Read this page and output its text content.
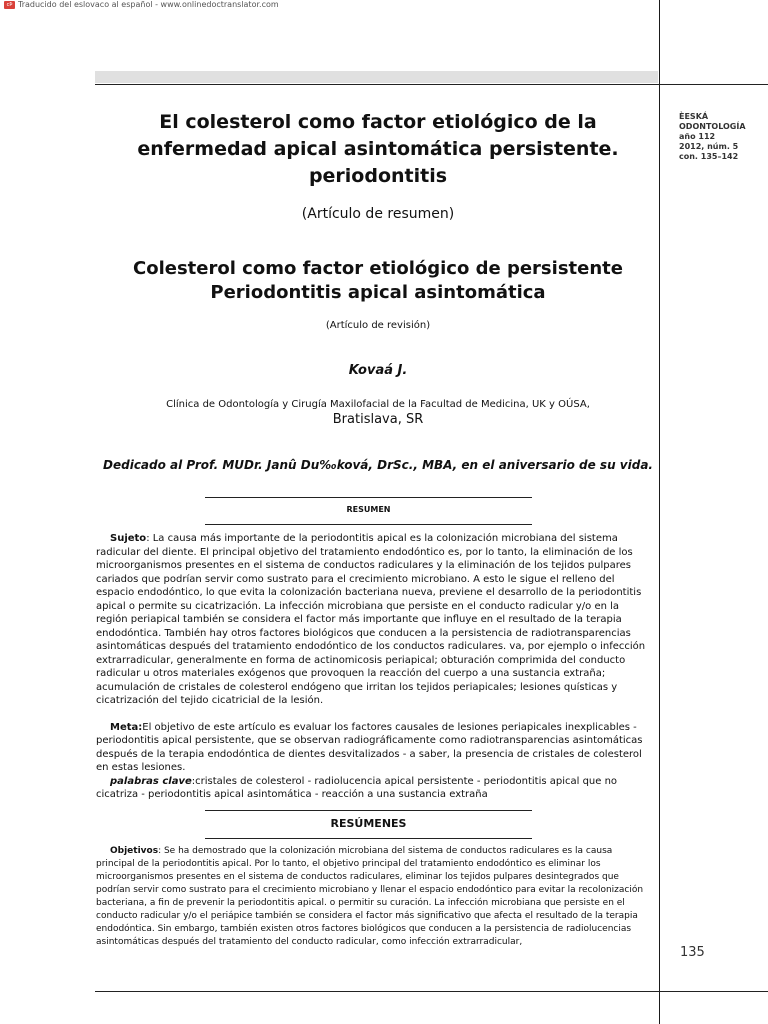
cÞ Traducido del eslovaco al español - www.onlinedoctranslator.com
ÈESKÁ
ODONTOLOGÍA
año 112
2012, núm. 5
con. 135–142
El colesterol como factor etiológico de la
enfermedad apical asintomática persistente.
periodontitis
(Artículo de resumen)
Colesterol como factor etiológico de persistente
Periodontitis apical asintomática
(Artículo de revisión)
Kovaá J.
Clínica de Odontología y Cirugía Maxilofacial de la Facultad de Medicina, UK y OÚSA,
Bratislava, SR
Dedicado al Prof. MUDr. Janû Du‰ková, DrSc., MBA, en el aniversario de su vida.
RESUMEN

Sujeto: La causa más importante de la periodontitis apical es la colonización microbiana del sistema radicular del diente. El principal objetivo del tratamiento endodóntico es, por lo tanto, la eliminación de los microorganismos presentes en el sistema de conductos radiculares y la eliminación de los tejidos pulpares cariados que podrían servir como sustrato para el crecimiento microbiano. A esto le sigue el relleno del espacio endodóntico, lo que evita la colonización bacteriana nueva, previene el desarrollo de la periodontitis apical o permite su cicatrización. La infección microbiana que persiste en el conducto radicular y/o en la región periapical también se considera el factor más importante que influye en el resultado de la terapia endodóntica. También hay otros factores biológicos que conducen a la persistencia de radiotransparencias asintomáticas después del tratamiento endodóntico de los conductos radiculares. va, por ejemplo o infección extrarradicular, generalmente en forma de actinomicosis periapical; obturación comprimida del conducto radicular u otros materiales exógenos que provoquen la reacción del cuerpo a una sustancia extraña; acumulación de cristales de colesterol endógeno que irritan los tejidos periapicales; lesiones quísticas y cicatrización del tejido cicatricial de la lesión.

Meta:El objetivo de este artículo es evaluar los factores causales de lesiones periapicales inexplicables - periodontitis apical persistente, que se observan radiográficamente como radiotransparencias asintomáticas después de la terapia endodóntica de dientes desvitalizados - a saber, la presencia de cristales de colesterol en estas lesiones.

palabras clave:cristales de colesterol - radiolucencia apical persistente - periodontitis apical que no cicatriza - periodontitis apical asintomática - reacción a una sustancia extraña

RESÚMENES
Objetivos: Se ha demostrado que la colonización microbiana del sistema de conductos radiculares es la causa principal de la periodontitis apical. Por lo tanto, el objetivo principal del tratamiento endodóntico es eliminar los microorganismos presentes en el sistema de conductos radiculares, eliminar los tejidos pulpares desintegrados que podrían servir como sustrato para el crecimiento microbiano y llenar el espacio endodóntico para evitar la recolonización bacteriana, a fin de prevenir la periodontitis apical. o permitir su curación. La infección microbiana que persiste en el conducto radicular y/o el periápice también se considera el factor más significativo que afecta el resultado de la terapia endodóntica. Sin embargo, también existen otros factores biológicos que conducen a la persistencia de radiolucencias asintomáticas después del tratamiento del conducto radicular, como infección extrarradicular,
135
